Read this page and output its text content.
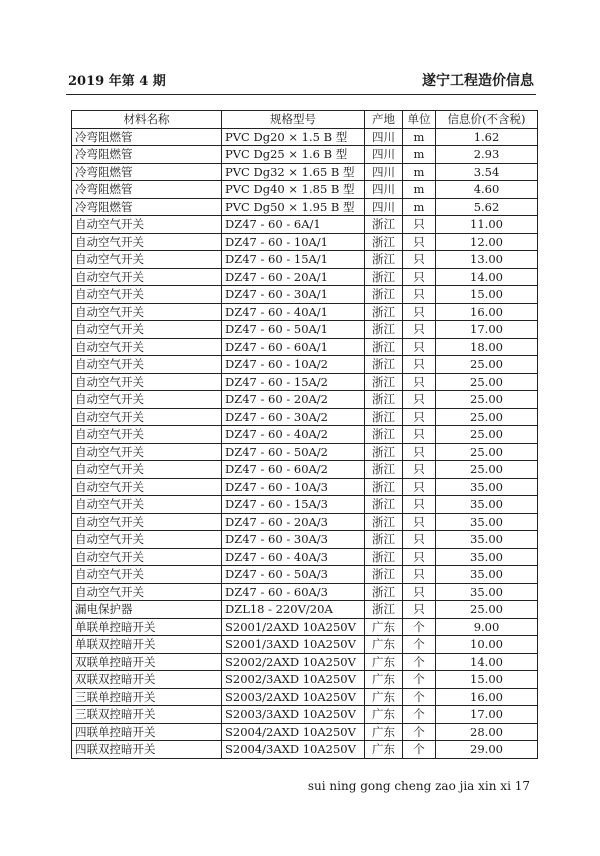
2019 年第 4 期	遂宁工程造价信息
材料名称	规格型号	产地	单位	信息价(不含税)
冷弯阻燃管	PVC Dg20 × 1.5 B 型	四川	m	1.62
冷弯阻燃管	PVC Dg25 × 1.6 B 型	四川	m	2.93
冷弯阻燃管	PVC Dg32 × 1.65 B 型	四川	m	3.54
冷弯阻燃管	PVC Dg40 × 1.85 B 型	四川	m	4.60
冷弯阻燃管	PVC Dg50 × 1.95 B 型	四川	m	5.62
自动空气开关	DZ47 - 60 - 6A/1	浙江	只	11.00
自动空气开关	DZ47 - 60 - 10A/1	浙江	只	12.00
自动空气开关	DZ47 - 60 - 15A/1	浙江	只	13.00
自动空气开关	DZ47 - 60 - 20A/1	浙江	只	14.00
自动空气开关	DZ47 - 60 - 30A/1	浙江	只	15.00
自动空气开关	DZ47 - 60 - 40A/1	浙江	只	16.00
自动空气开关	DZ47 - 60 - 50A/1	浙江	只	17.00
自动空气开关	DZ47 - 60 - 60A/1	浙江	只	18.00
自动空气开关	DZ47 - 60 - 10A/2	浙江	只	25.00
自动空气开关	DZ47 - 60 - 15A/2	浙江	只	25.00
自动空气开关	DZ47 - 60 - 20A/2	浙江	只	25.00
自动空气开关	DZ47 - 60 - 30A/2	浙江	只	25.00
自动空气开关	DZ47 - 60 - 40A/2	浙江	只	25.00
自动空气开关	DZ47 - 60 - 50A/2	浙江	只	25.00
自动空气开关	DZ47 - 60 - 60A/2	浙江	只	25.00
自动空气开关	DZ47 - 60 - 10A/3	浙江	只	35.00
自动空气开关	DZ47 - 60 - 15A/3	浙江	只	35.00
自动空气开关	DZ47 - 60 - 20A/3	浙江	只	35.00
自动空气开关	DZ47 - 60 - 30A/3	浙江	只	35.00
自动空气开关	DZ47 - 60 - 40A/3	浙江	只	35.00
自动空气开关	DZ47 - 60 - 50A/3	浙江	只	35.00
自动空气开关	DZ47 - 60 - 60A/3	浙江	只	35.00
漏电保护器	DZL18 - 220V/20A	浙江	只	25.00
单联单控暗开关	S2001/2AXD 10A250V	广东	个	9.00
单联双控暗开关	S2001/3AXD 10A250V	广东	个	10.00
双联单控暗开关	S2002/2AXD 10A250V	广东	个	14.00
双联双控暗开关	S2002/3AXD 10A250V	广东	个	15.00
三联单控暗开关	S2003/2AXD 10A250V	广东	个	16.00
三联双控暗开关	S2003/3AXD 10A250V	广东	个	17.00
四联单控暗开关	S2004/2AXD 10A250V	广东	个	28.00
四联双控暗开关	S2004/3AXD 10A250V	广东	个	29.00
sui ning gong cheng zao jia xin xi 17
